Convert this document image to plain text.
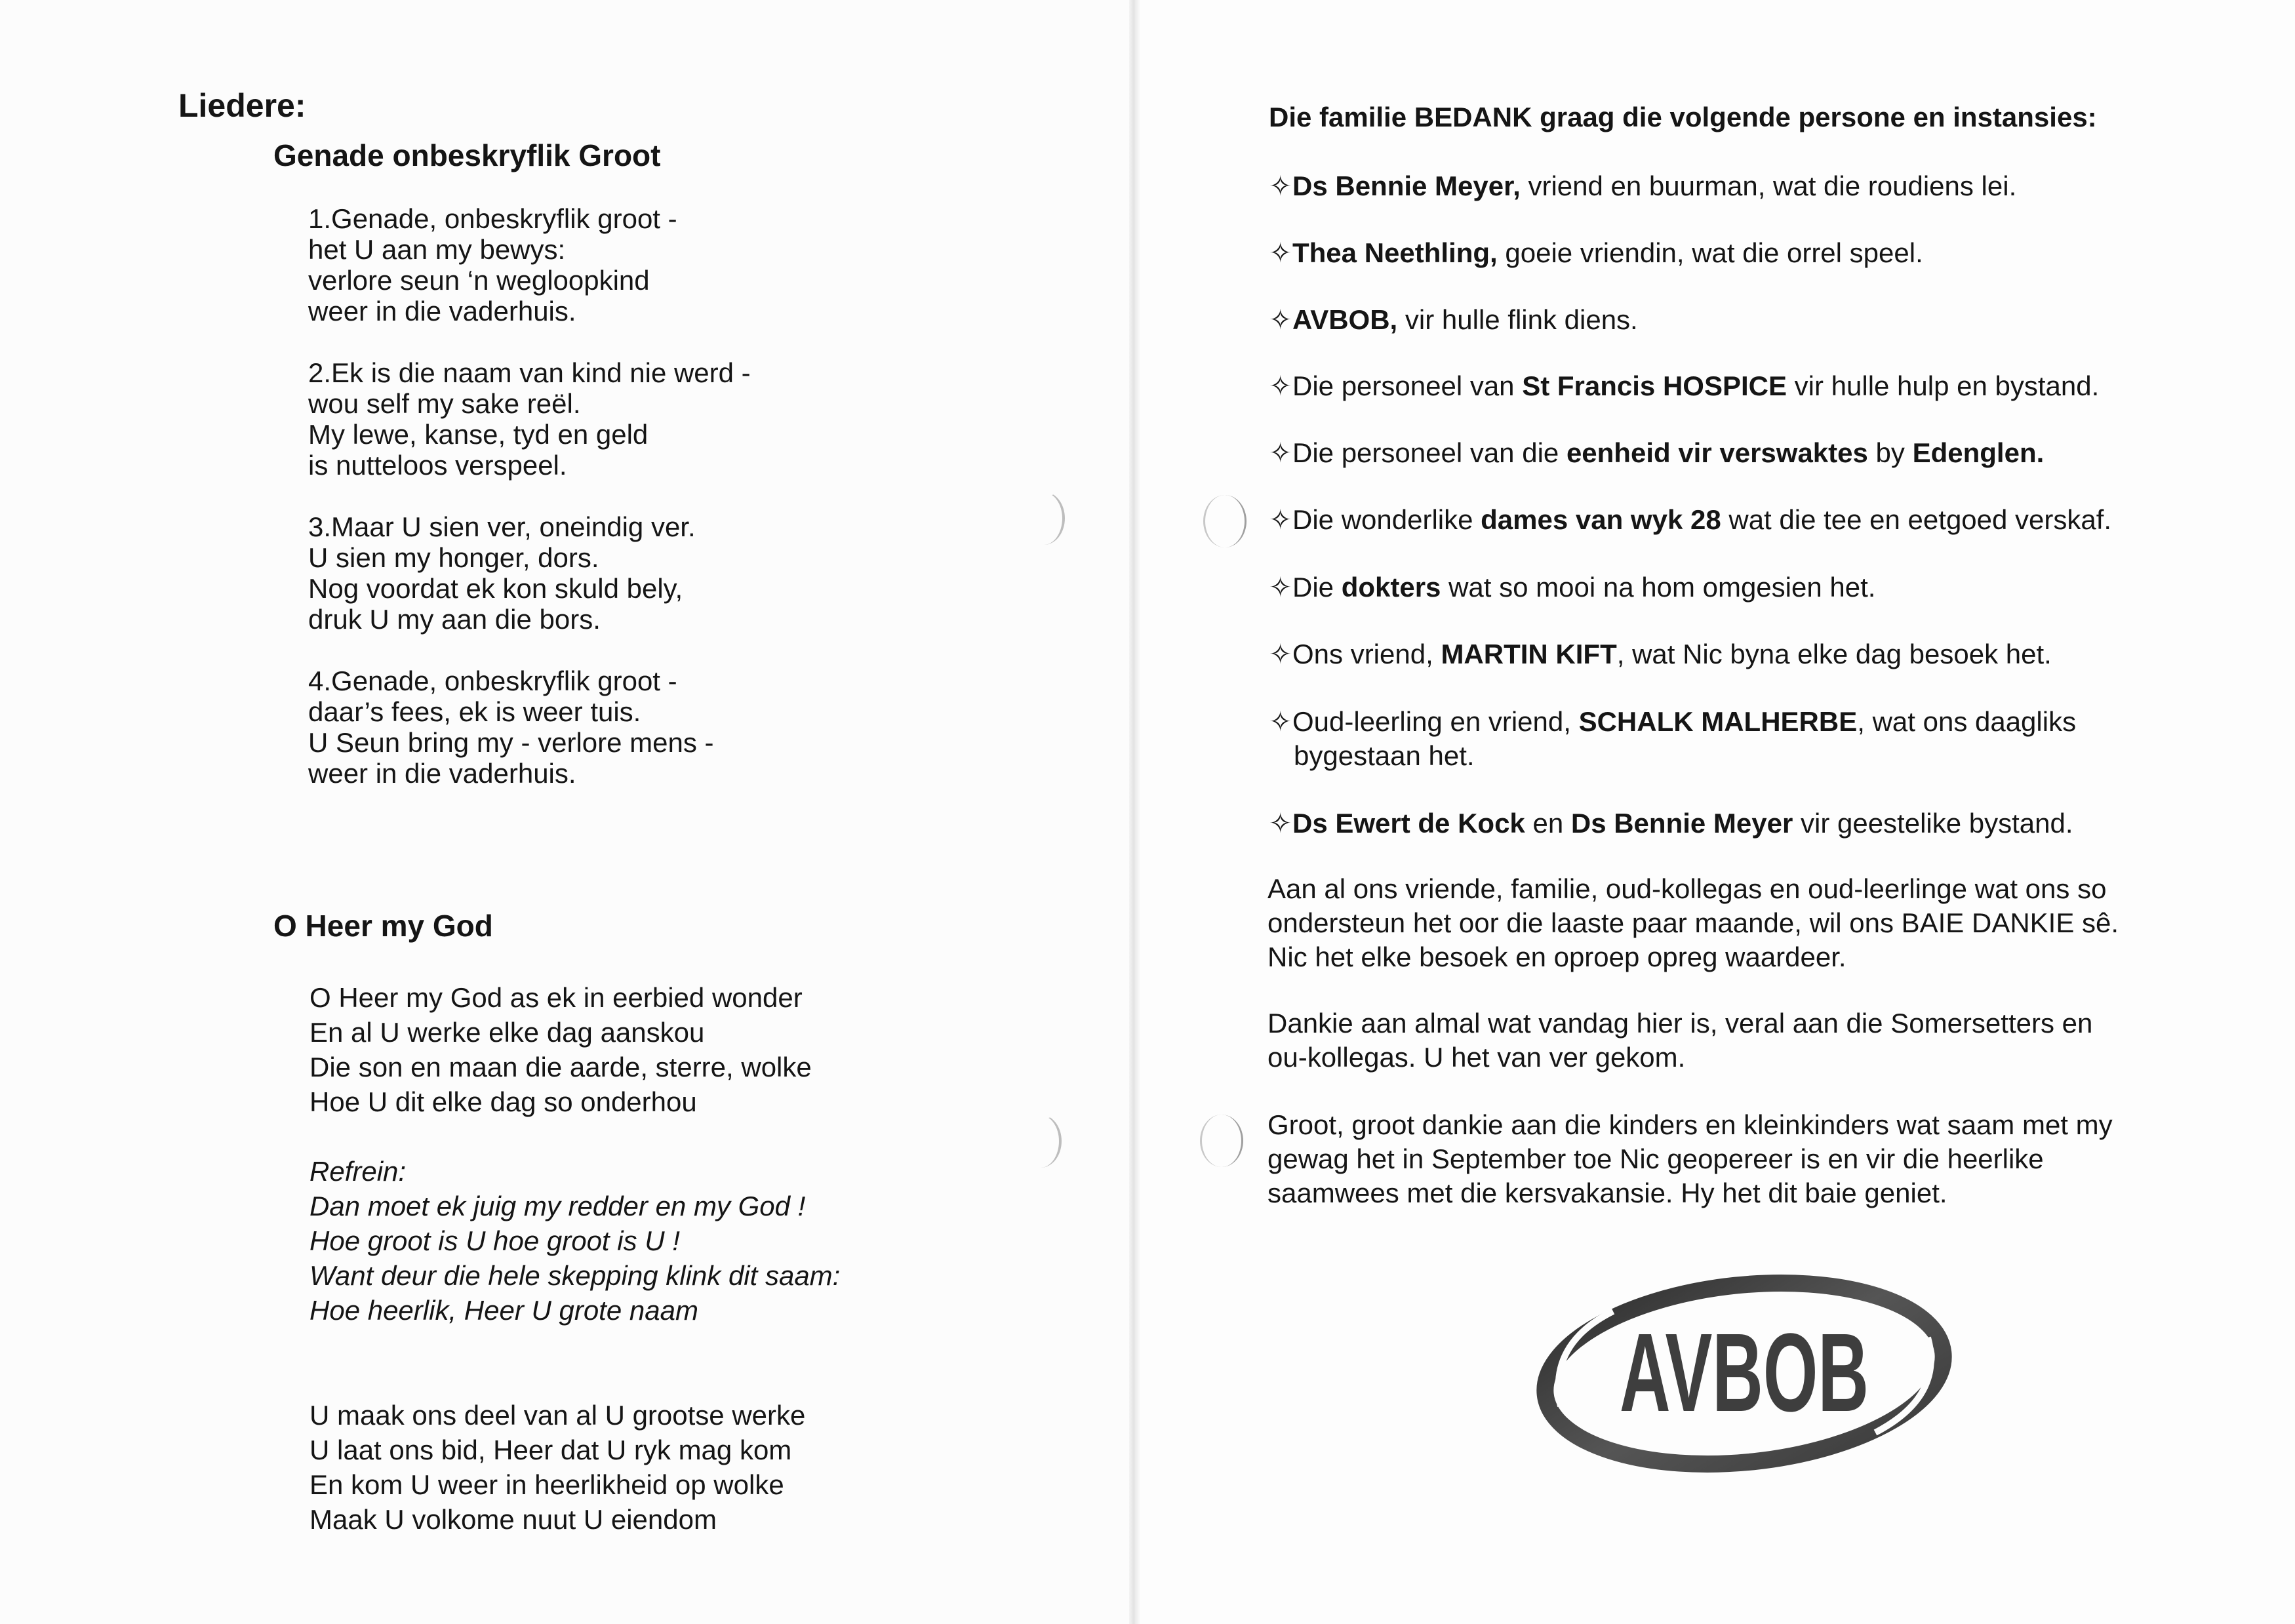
Liedere:
Genade onbeskryflik Groot
1.Genade, onbeskryflik groot -
het U aan my bewys:
verlore seun ‘n wegloopkind
weer in die vaderhuis.
2.Ek is die naam van kind nie werd -
wou self my sake reël.
My lewe, kanse, tyd en geld
is nutteloos verspeel.
3.Maar U sien ver, oneindig ver.
U sien my honger, dors.
Nog voordat ek kon skuld bely,
druk U my aan die bors.
4.Genade, onbeskryflik groot -
daar’s fees, ek is weer tuis.
U Seun bring my - verlore mens -
weer in die vaderhuis.
O Heer my God
O Heer my God as ek in eerbied wonder
En al U werke elke dag aanskou
Die son en maan die aarde, sterre, wolke
Hoe U dit elke dag so onderhou
Refrein:
Dan moet ek juig my redder en my God !
Hoe groot is U hoe groot is U !
Want deur die hele skepping klink dit saam:
Hoe heerlik, Heer U grote naam
U maak ons deel van al U grootse werke
U laat ons bid, Heer dat U ryk mag kom
En kom U weer in heerlikheid op wolke
Maak U volkome nuut U eiendom
Die familie BEDANK graag die volgende persone en instansies:
✧Ds Bennie Meyer, vriend en buurman, wat die roudiens lei.
✧Thea Neethling, goeie vriendin, wat die orrel speel.
✧AVBOB, vir hulle flink diens.
✧Die personeel van St Francis HOSPICE vir hulle hulp en bystand.
✧Die personeel van die eenheid vir verswaktes by Edenglen.
✧Die wonderlike dames van wyk 28 wat die tee en eetgoed verskaf.
✧Die dokters wat so mooi na hom omgesien het.
✧Ons vriend, MARTIN KIFT, wat Nic byna elke dag besoek het.
✧Oud-leerling en vriend, SCHALK MALHERBE, wat ons daagliks
✧Ds Ewert de Kock en Ds Bennie Meyer vir geestelike bystand.
bygestaan het.
Aan al ons vriende, familie, oud-kollegas en oud-leerlinge wat ons so
ondersteun het oor die laaste paar maande, wil ons BAIE DANKIE sê.
Nic het elke besoek en oproep opreg waardeer.
Dankie aan almal wat vandag hier is, veral aan die Somersetters en
ou-kollegas. U het van ver gekom.
Groot, groot dankie aan die kinders en kleinkinders wat saam met my
gewag het in September toe Nic geopereer is en vir die heerlike
saamwees met die kersvakansie. Hy het dit baie geniet.
AVBOB
